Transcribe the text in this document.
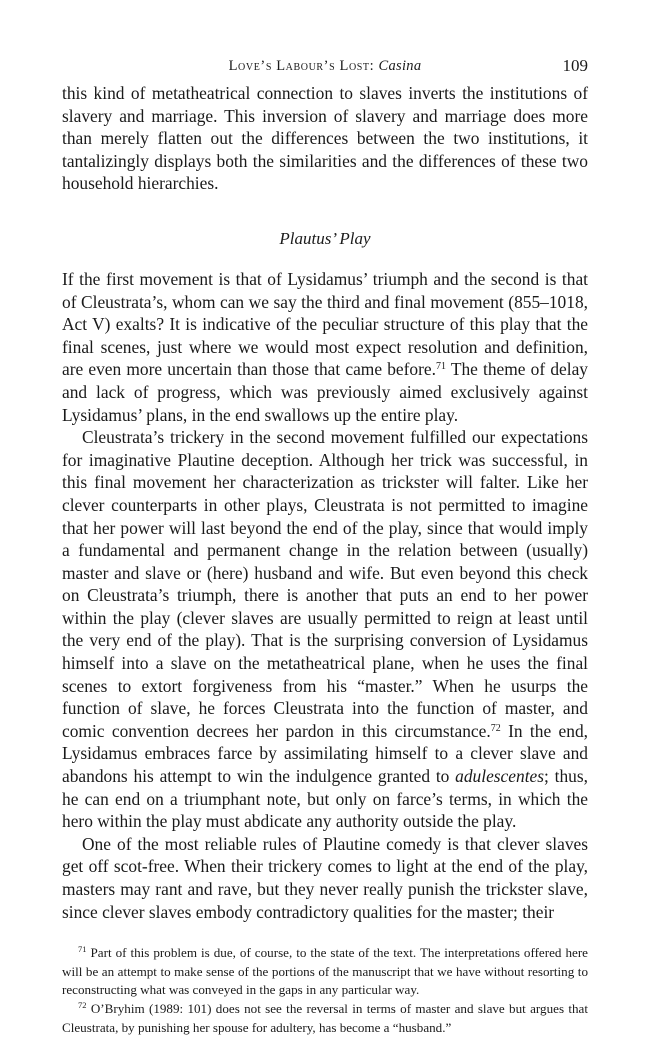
Love’s Labour’s Lost: Casina	109

this kind of metatheatrical connection to slaves inverts the institutions of slavery and marriage. This inversion of slavery and marriage does more than merely flatten out the differences between the two institutions, it tantalizingly displays both the similarities and the differences of these two household hierarchies.

Plautus’ Play

If the first movement is that of Lysidamus’ triumph and the second is that of Cleustrata’s, whom can we say the third and final movement (855–1018, Act V) exalts? It is indicative of the peculiar structure of this play that the final scenes, just where we would most expect resolution and definition, are even more uncertain than those that came before.$^{71}$ The theme of delay and lack of progress, which was previously aimed exclusively against Lysidamus’ plans, in the end swallows up the entire play.

Cleustrata’s trickery in the second movement fulfilled our expectations for imaginative Plautine deception. Although her trick was successful, in this final movement her characterization as trickster will falter. Like her clever counterparts in other plays, Cleustrata is not permitted to imagine that her power will last beyond the end of the play, since that would imply a fundamental and permanent change in the relation between (usually) master and slave or (here) husband and wife. But even beyond this check on Cleustrata’s triumph, there is another that puts an end to her power within the play (clever slaves are usually permitted to reign at least until the very end of the play). That is the surprising conversion of Lysidamus himself into a slave on the metatheatrical plane, when he uses the final scenes to extort forgiveness from his “master.” When he usurps the function of slave, he forces Cleustrata into the function of master, and comic convention decrees her pardon in this circumstance.$^{72}$ In the end, Lysidamus embraces farce by assimilating himself to a clever slave and abandons his attempt to win the indulgence granted to adulescentes; thus, he can end on a triumphant note, but only on farce’s terms, in which the hero within the play must abdicate any authority outside the play.

One of the most reliable rules of Plautine comedy is that clever slaves get off scot-free. When their trickery comes to light at the end of the play, masters may rant and rave, but they never really punish the trickster slave, since clever slaves embody contradictory qualities for the master; their

$^{71}$ Part of this problem is due, of course, to the state of the text. The interpretations offered here will be an attempt to make sense of the portions of the manuscript that we have without resorting to reconstructing what was conveyed in the gaps in any particular way.

$^{72}$ O’Bryhim (1989: 101) does not see the reversal in terms of master and slave but argues that Cleustrata, by punishing her spouse for adultery, has become a “husband.”
